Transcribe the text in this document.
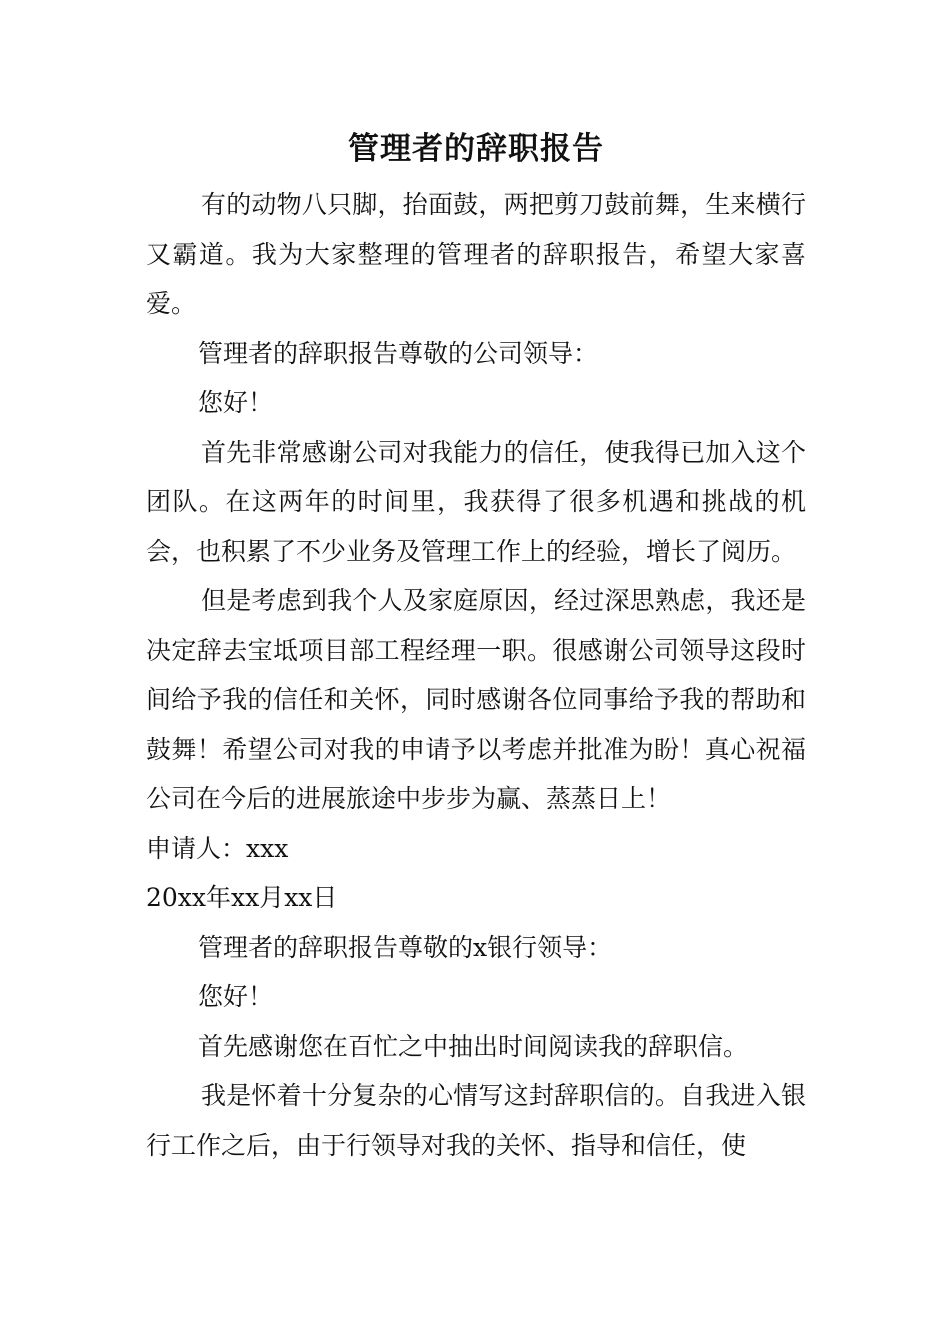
管理者的辞职报告

有的动物八只脚，抬面鼓，两把剪刀鼓前舞，生来横行又霸道。我为大家整理的管理者的辞职报告，希望大家喜爱。

管理者的辞职报告尊敬的公司领导：

您好！

首先非常感谢公司对我能力的信任，使我得已加入这个团队。在这两年的时间里，我获得了很多机遇和挑战的机会，也积累了不少业务及管理工作上的经验，增长了阅历。

但是考虑到我个人及家庭原因，经过深思熟虑，我还是决定辞去宝坻项目部工程经理一职。很感谢公司领导这段时间给予我的信任和关怀，同时感谢各位同事给予我的帮助和鼓舞！希望公司对我的申请予以考虑并批准为盼！真心祝福公司在今后的进展旅途中步步为赢、蒸蒸日上！

申请人：xxx

20xx年xx月xx日

管理者的辞职报告尊敬的x银行领导：

您好！

首先感谢您在百忙之中抽出时间阅读我的辞职信。

我是怀着十分复杂的心情写这封辞职信的。自我进入银行工作之后，由于行领导对我的关怀、指导和信任，使
